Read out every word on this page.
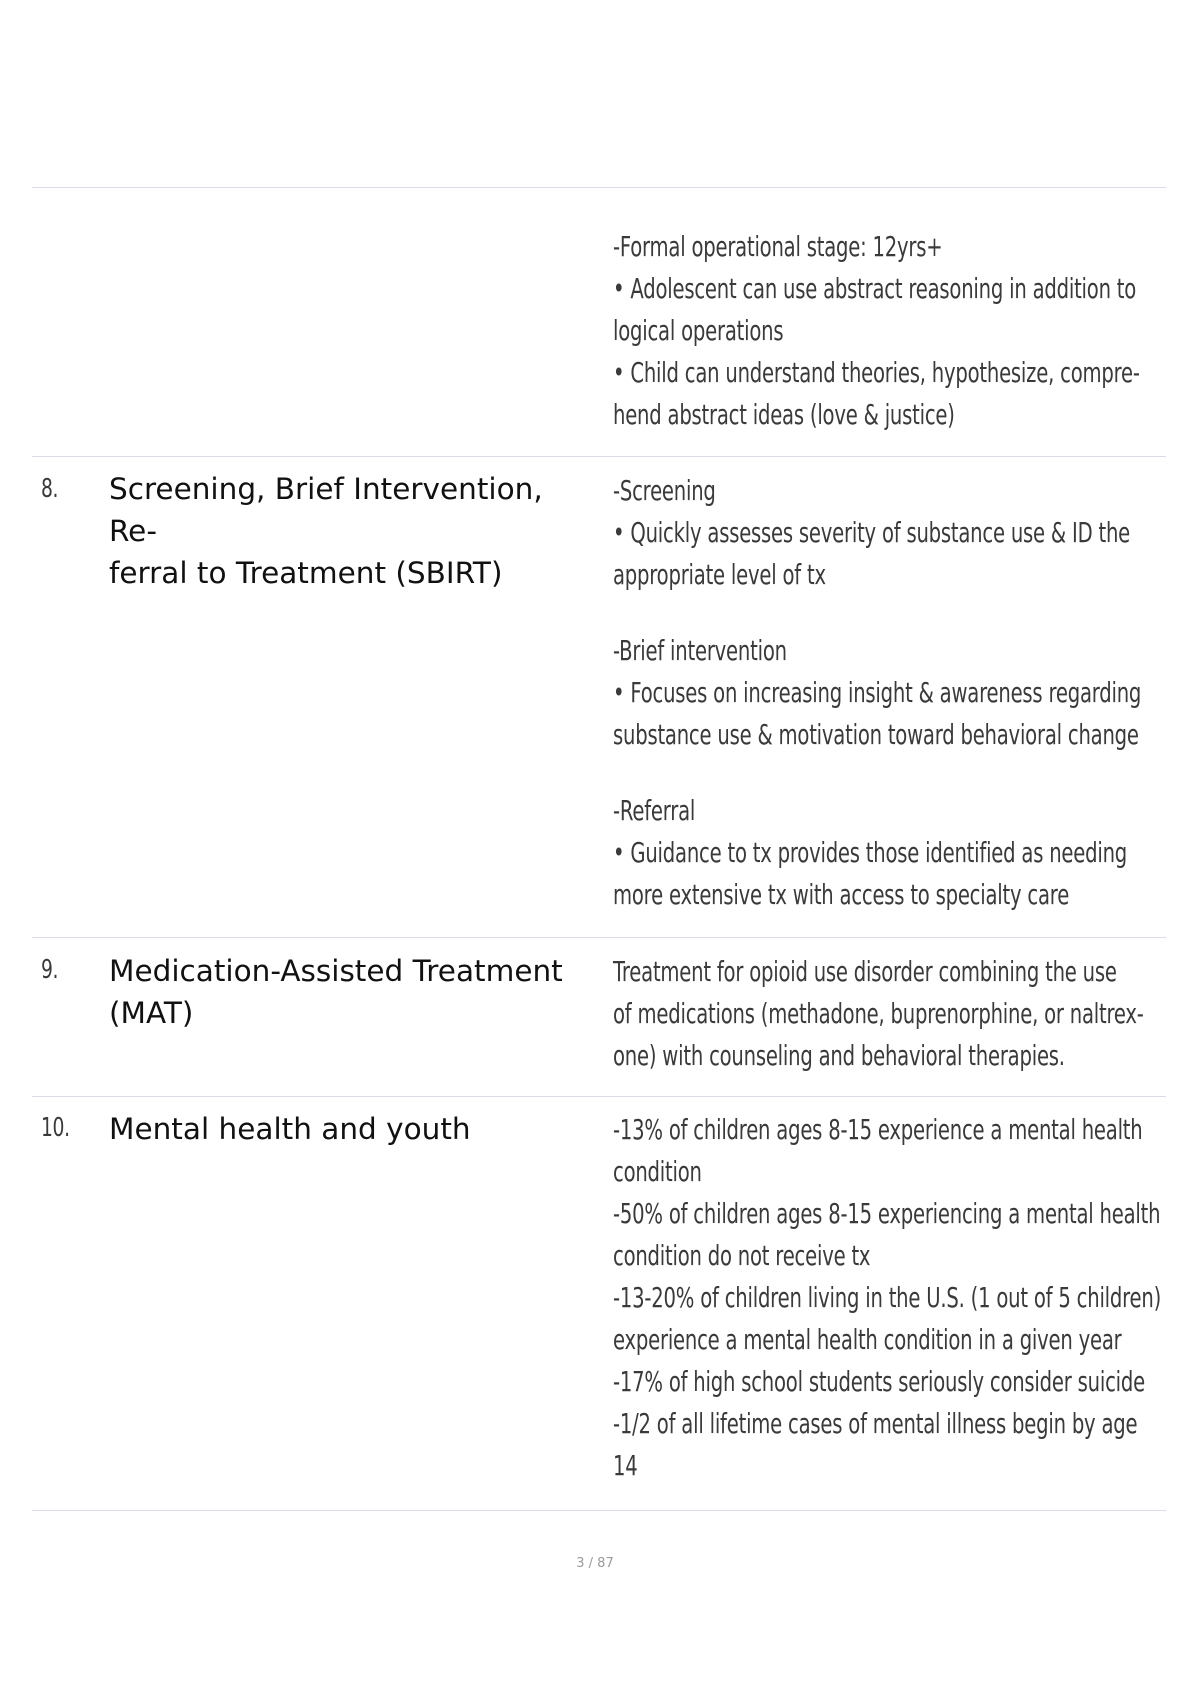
-Formal operational stage: 12yrs+
• Adolescent can use abstract reasoning in addition to
logical operations
• Child can understand theories, hypothesize, compre-
hend abstract ideas (love & justice)
8. Screening, Brief Intervention, Re-
ferral to Treatment (SBIRT)
-Screening
• Quickly assesses severity of substance use & ID the
appropriate level of tx
-Brief intervention
• Focuses on increasing insight & awareness regarding
substance use & motivation toward behavioral change
-Referral
• Guidance to tx provides those identified as needing
more extensive tx with access to specialty care
9. Medication-Assisted Treatment
(MAT)
Treatment for opioid use disorder combining the use
of medications (methadone, buprenorphine, or naltrex-
one) with counseling and behavioral therapies.
10. Mental health and youth	-13% of children ages 8-15 experience a mental health
condition
-50% of children ages 8-15 experiencing a mental health
condition do not receive tx
-13-20% of children living in the U.S. (1 out of 5 children)
experience a mental health condition in a given year
-17% of high school students seriously consider suicide
-1/2 of all lifetime cases of mental illness begin by age
14
3 / 87
